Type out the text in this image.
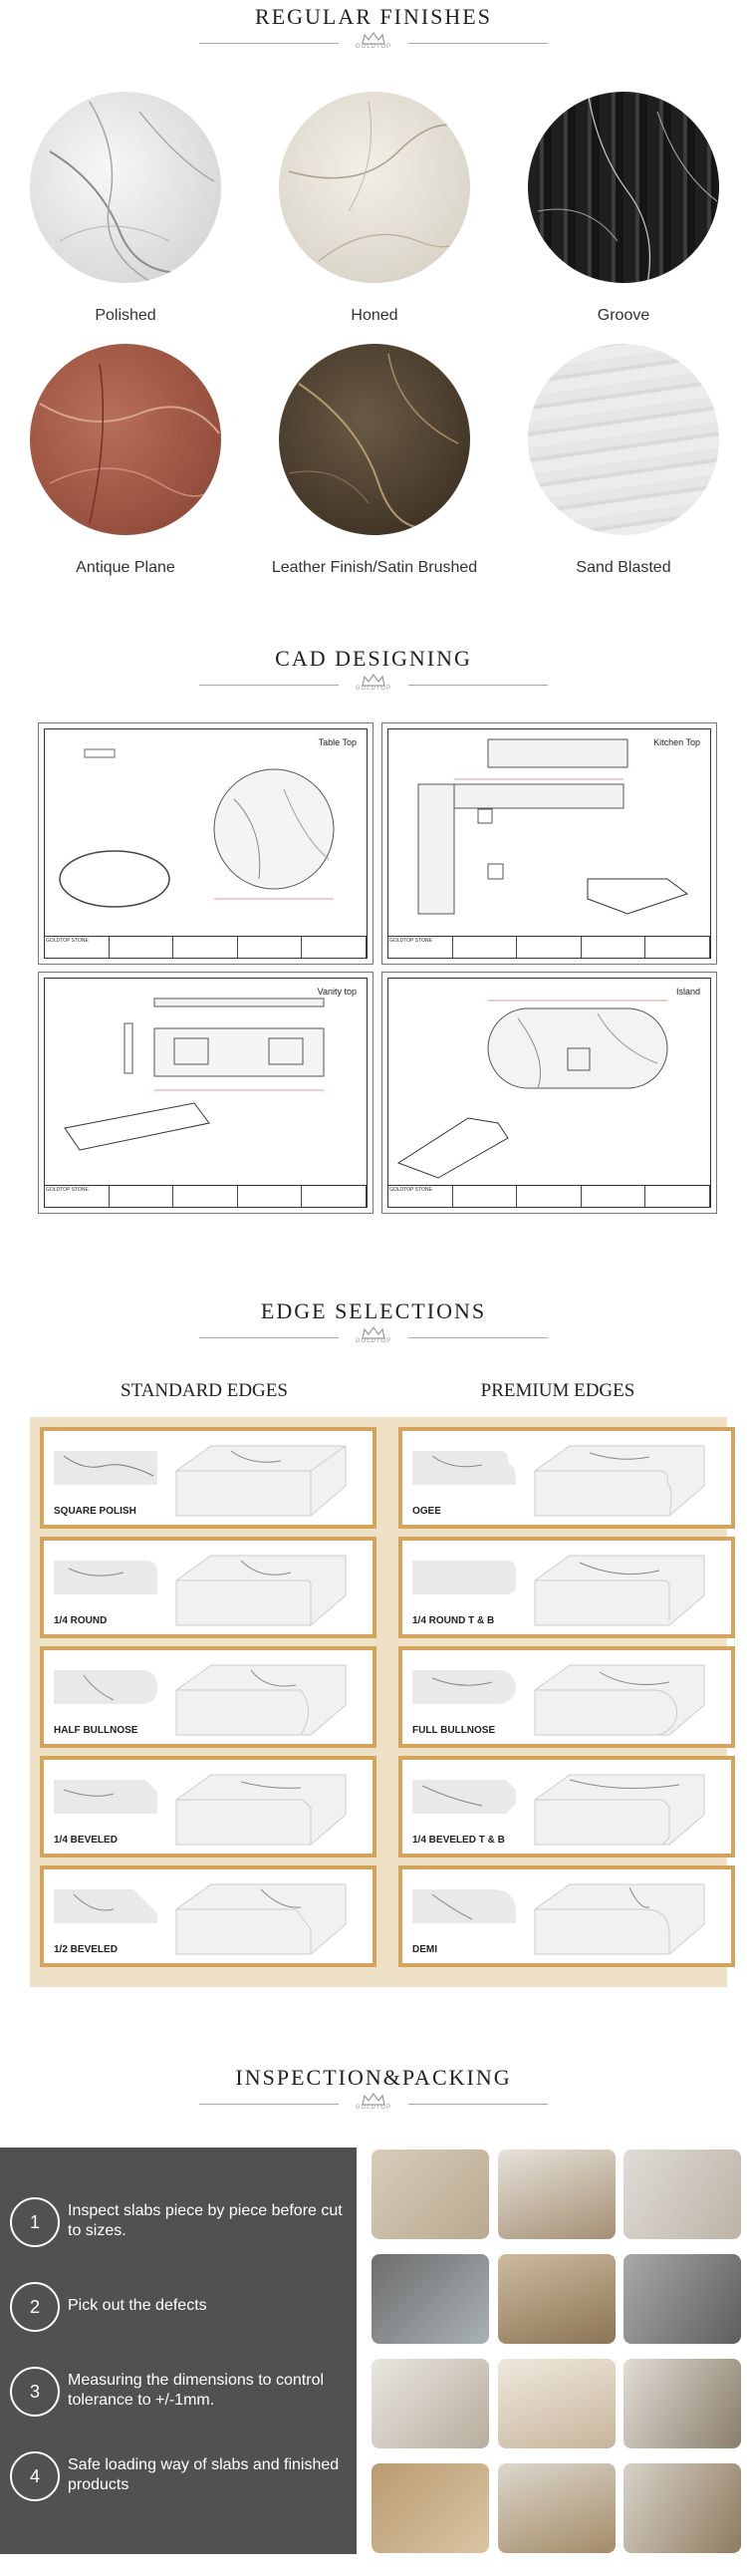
REGULAR FINISHES
GOLDTOP
Polished	Honed	Groove
Antique Plane	Leather Finish/Satin Brushed	Sand Blasted
CAD DESIGNING
GOLDTOP
Table Top
GOLDTOP STONE
Kitchen Top
GOLDTOP STONE
Vanity top
GOLDTOP STONE
Island
GOLDTOP STONE
EDGE SELECTIONS
GOLDTOP
STANDARD EDGES	PREMIUM EDGES
SQUARE POLISH
1/4 ROUND
HALF BULLNOSE
1/4 BEVELED
1/2 BEVELED
OGEE
1/4 ROUND T & B
FULL BULLNOSE
1/4 BEVELED T & B
DEMI
INSPECTION&PACKING
GOLDTOP
1
Inspect slabs piece by piece before cut to sizes.
2	Pick out the defects
3
Measuring the dimensions to control tolerance to +/-1mm.
4
Safe loading way of slabs and finished products
